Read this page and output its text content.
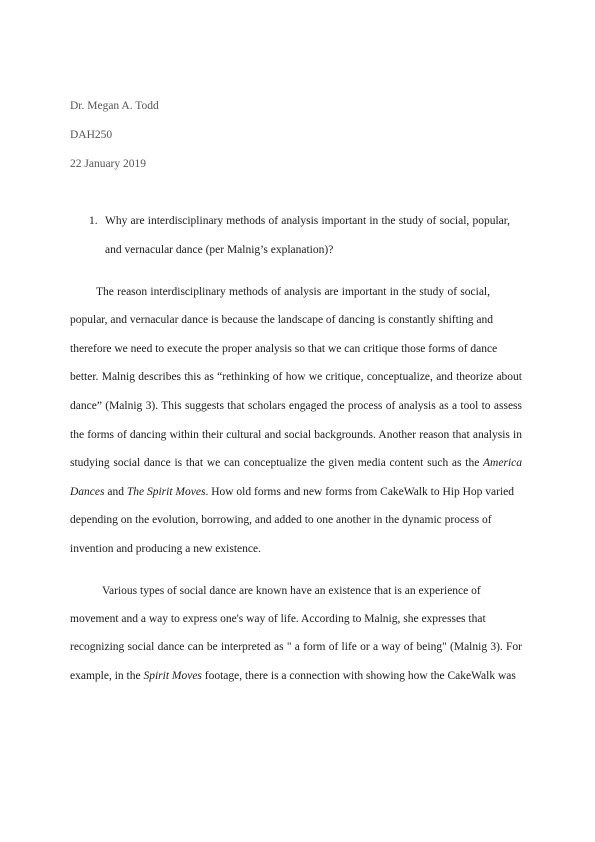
Dr. Megan A. Todd
DAH250
22 January 2019
1. Why are interdisciplinary methods of analysis important in the study of social, popular,
and vernacular dance (per Malnig’s explanation)?
The reason interdisciplinary methods of analysis are important in the study of social,
popular, and vernacular dance is because the landscape of dancing is constantly shifting and
therefore we need to execute the proper analysis so that we can critique those forms of dance
better. Malnig describes this as “rethinking of how we critique, conceptualize, and theorize about
dance” (Malnig 3). This suggests that scholars engaged the process of analysis as a tool to assess
the forms of dancing within their cultural and social backgrounds. Another reason that analysis in
studying social dance is that we can conceptualize the given media content such as the America
Dances and The Spirit Moves. How old forms and new forms from CakeWalk to Hip Hop varied
depending on the evolution, borrowing, and added to one another in the dynamic process of
invention and producing a new existence.
Various types of social dance are known have an existence that is an experience of
movement and a way to express one's way of life. According to Malnig, she expresses that
recognizing social dance can be interpreted as " a form of life or a way of being" (Malnig 3). For
example, in the Spirit Moves footage, there is a connection with showing how the CakeWalk was
